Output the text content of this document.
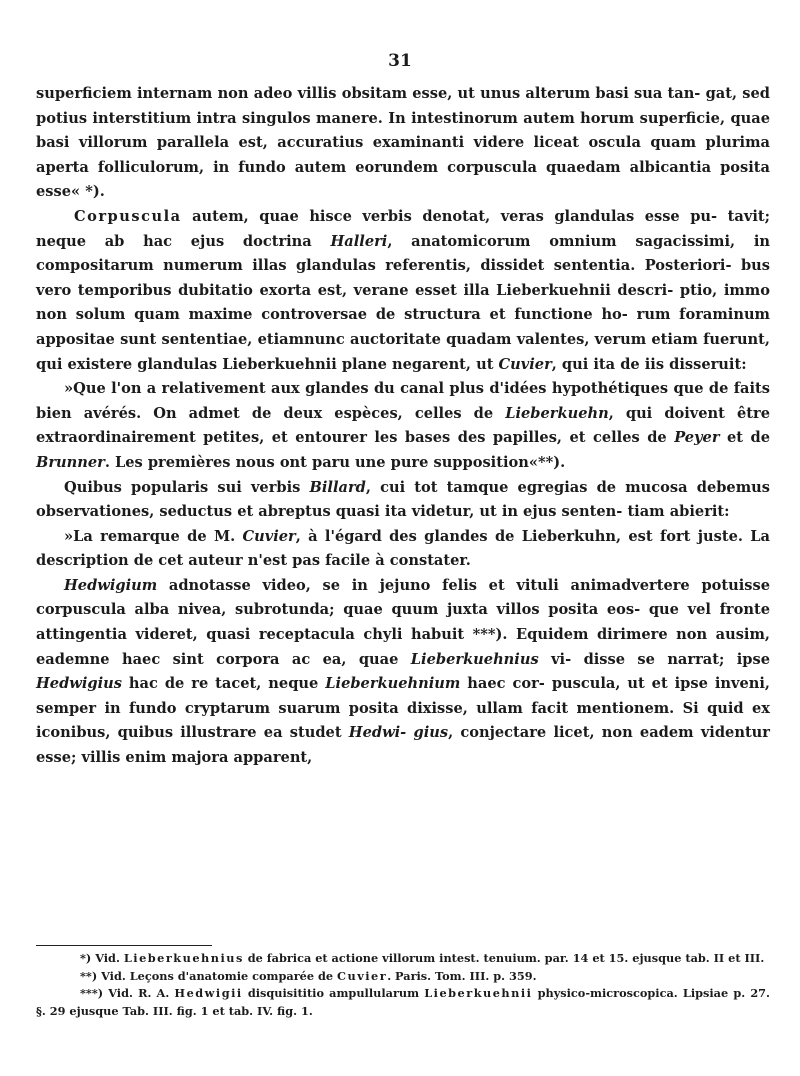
31

superficiem internam non adeo villis obsitam esse, ut unus alterum basi sua tan- gat, sed potius interstitium intra singulos manere. In intestinorum autem horum superficie, quae basi villorum parallela est, accuratius examinanti videre liceat oscula quam plurima aperta folliculorum, in fundo autem eorundem corpuscula quaedam albicantia posita esse« *).

Corpuscula autem, quae hisce verbis denotat, veras glandulas esse pu- tavit; neque ab hac ejus doctrina Halleri, anatomicorum omnium sagacissimi, in compositarum numerum illas glandulas referentis, dissidet sententia. Posteriori- bus vero temporibus dubitatio exorta est, verane esset illa Lieberkuehnii descri- ptio, immo non solum quam maxime controversae de structura et functione ho- rum foraminum appositae sunt sententiae, etiamnunc auctoritate quadam valentes, verum etiam fuerunt, qui existere glandulas Lieberkuehnii plane negarent, ut Cuvier, qui ita de iis disseruit:

»Que l'on a relativement aux glandes du canal plus d'idées hypothétiques que de faits bien avérés. On admet de deux espèces, celles de Lieberkuehn, qui doivent être extraordinairement petites, et entourer les bases des papilles, et celles de Peyer et de Brunner. Les premières nous ont paru une pure supposition«**).

Quibus popularis sui verbis Billard, cui tot tamque egregias de mucosa debemus observationes, seductus et abreptus quasi ita videtur, ut in ejus senten- tiam abierit:

»La remarque de M. Cuvier, à l'égard des glandes de Lieberkuhn, est fort juste. La description de cet auteur n'est pas facile à constater.

Hedwigium adnotasse video, se in jejuno felis et vituli animadvertere potuisse corpuscula alba nivea, subrotunda; quae quum juxta villos posita eos- que vel fronte attingentia videret, quasi receptacula chyli habuit ***). Equidem dirimere non ausim, eademne haec sint corpora ac ea, quae Lieberkuehnius vi- disse se narrat; ipse Hedwigius hac de re tacet, neque Lieberkuehnium haec cor- puscula, ut et ipse inveni, semper in fundo cryptarum suarum posita dixisse, ullam facit mentionem. Si quid ex iconibus, quibus illustrare ea studet Hedwi- gius, conjectare licet, non eadem videntur esse; villis enim majora apparent,

*) Vid. Lieberkuehnius de fabrica et actione villorum intest. tenuium. par. 14 et 15. ejusque tab. II et III.

**) Vid. Leçons d'anatomie comparée de Cuvier. Paris. Tom. III. p. 359.

***) Vid. R. A. Hedwigii disquisititio ampullularum Lieberkuehnii physico-microscopica. Lipsiae p. 27. §. 29 ejusque Tab. III. fig. 1 et tab. IV. fig. 1.
